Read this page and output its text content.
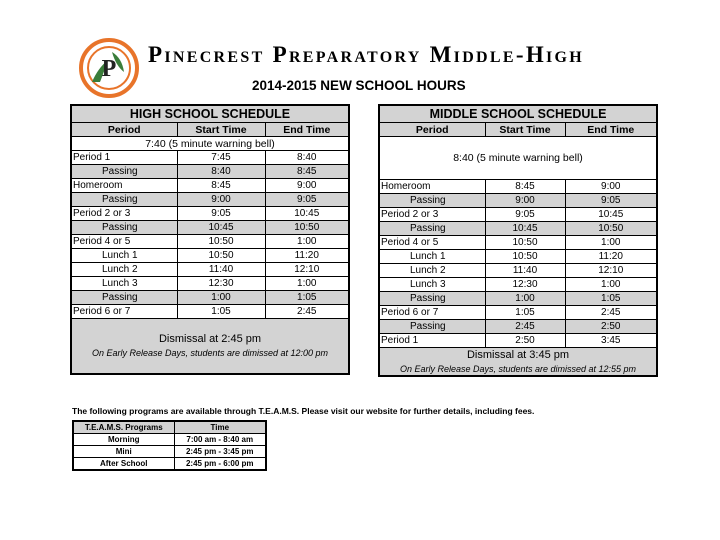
P
Pinecrest Preparatory Middle-High
2014-2015 NEW SCHOOL HOURS
HIGH SCHOOL SCHEDULE		
Period	Start Time	End Time
7:40 (5 minute warning bell)		
Period 1	7:45	8:40
Passing	8:40	8:45
Homeroom	8:45	9:00
Passing	9:00	9:05
Period 2 or 3	9:05	10:45
Passing	10:45	10:50
Period 4 or 5	10:50	1:00
Lunch 1	10:50	11:20
Lunch 2	11:40	12:10
Lunch 3	12:30	1:00
Passing	1:00	1:05
Period 6 or 7	1:05	2:45

Dismissal at 2:45 pm
On Early Release Days, students are dimissed at 12:00 pm		
MIDDLE SCHOOL SCHEDULE		
Period	Start Time	End Time
8:40 (5 minute warning bell)		
Homeroom	8:45	9:00
Passing	9:00	9:05
Period 2 or 3	9:05	10:45
Passing	10:45	10:50
Period 4 or 5	10:50	1:00
Lunch 1	10:50	11:20
Lunch 2	11:40	12:10
Lunch 3	12:30	1:00
Passing	1:00	1:05
Period 6 or 7	1:05	2:45
Passing	2:45	2:50
Period 1	2:50	3:45

Dismissal at 3:45 pm
On Early Release Days, students are dimissed at 12:55 pm		
The following programs are available through T.E.A.M.S. Please visit our website for further details, including fees.
T.E.A.M.S. Programs	Time
Morning	7:00 am - 8:40 am
Mini	2:45 pm - 3:45 pm
After School	2:45 pm - 6:00 pm
